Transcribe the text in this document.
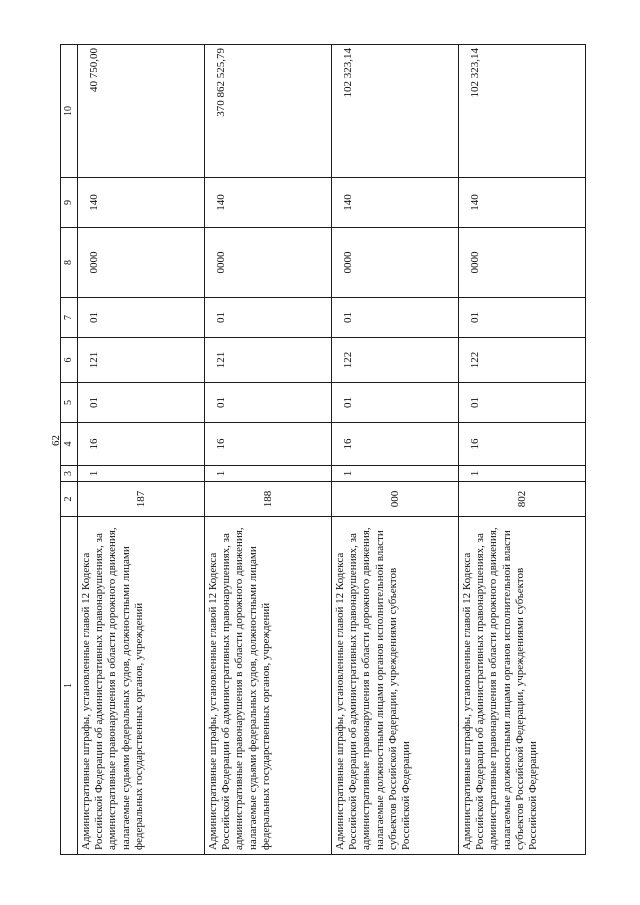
62
1	2	3	4	5	6	7	8	9	10
Административные штрафы, установленные главой 12 Кодекса Российской Федерации об административных правонарушениях, за административные правонарушения в области дорожного движения, налагаемые судьями федеральных судов, должностными лицами федеральных государственных органов, учреждений	187	1	16	01	121	01	0000	140	40 750,00
Административные штрафы, установленные главой 12 Кодекса Российской Федерации об административных правонарушениях, за административные правонарушения в области дорожного движения, налагаемые судьями федеральных судов, должностными лицами федеральных государственных органов, учреждений	188	1	16	01	121	01	0000	140	370 862 525,79
Административные штрафы, установленные главой 12 Кодекса Российской Федерации об административных правонарушениях, за административные правонарушения в области дорожного движения, налагаемые должностными лицами органов исполнительной власти субъектов Российской Федерации, учреждениями субъектов Российской Федерации	000	1	16	01	122	01	0000	140	102 323,14
Административные штрафы, установленные главой 12 Кодекса Российской Федерации об административных правонарушениях, за административные правонарушения в области дорожного движения, налагаемые должностными лицами органов исполнительной власти субъектов Российской Федерации, учреждениями субъектов Российской Федерации	802	1	16	01	122	01	0000	140	102 323,14
